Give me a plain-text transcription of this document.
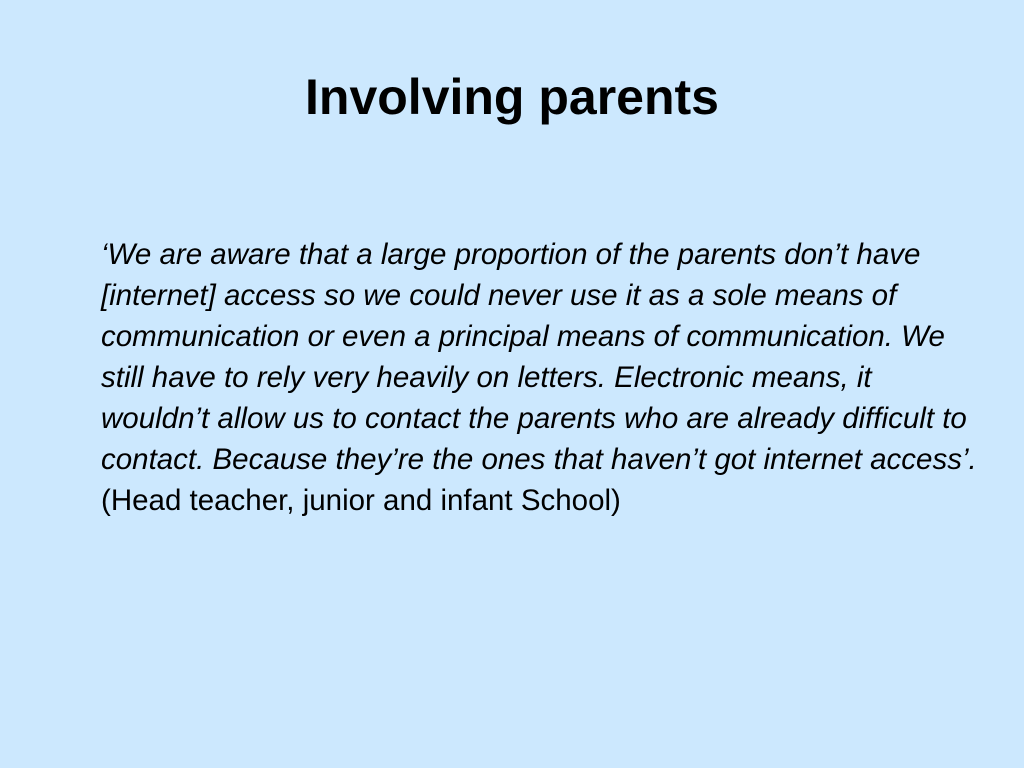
Involving parents

‘We are aware that a large proportion of the parents don’t have [internet] access so we could never use it as a sole means of communication or even a principal means of communication. We still have to rely very heavily on letters. Electronic means, it wouldn’t allow us to contact the parents who are already difficult to contact. Because they’re the ones that haven’t got internet access’. (Head teacher, junior and infant School)
